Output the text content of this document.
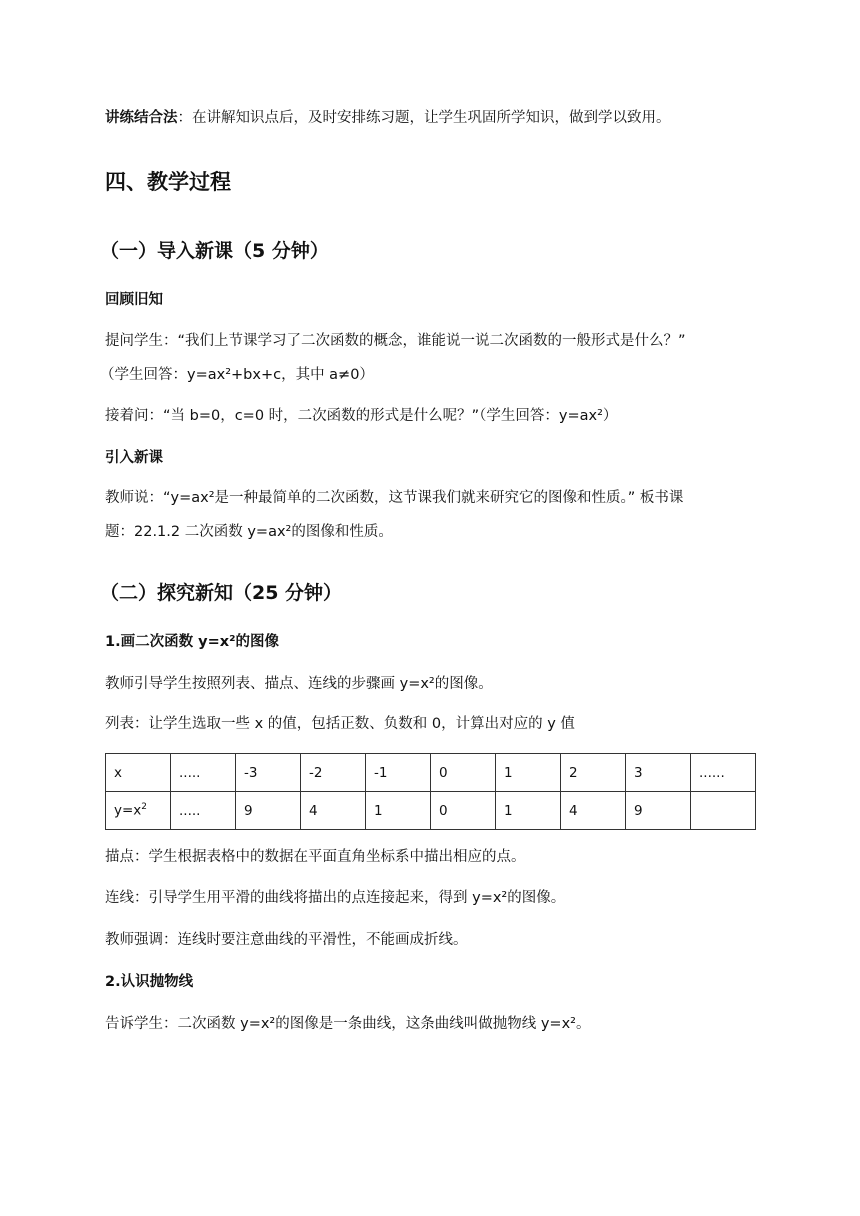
讲练结合法：在讲解知识点后，及时安排练习题，让学生巩固所学知识，做到学以致用。
四、教学过程
（一）导入新课（5 分钟）
回顾旧知
提问学生：“我们上节课学习了二次函数的概念，谁能说一说二次函数的一般形式是什么？”
（学生回答：y=ax²+bx+c，其中 a≠0）
接着问：“当 b=0，c=0 时，二次函数的形式是什么呢？”（学生回答：y=ax²）
引入新课
教师说：“y=ax²是一种最简单的二次函数，这节课我们就来研究它的图像和性质。” 板书课
题：22.1.2 二次函数 y=ax²的图像和性质。
（二）探究新知（25 分钟）
1.画二次函数 y=x²的图像
教师引导学生按照列表、描点、连线的步骤画 y=x²的图像。
列表：让学生选取一些 x 的值，包括正数、负数和 0，计算出对应的 y 值
x	.....	-3	-2	-1	0	1	2	3	......
$y=x^2$	.....	9	4	1	0	1	4	9	
描点：学生根据表格中的数据在平面直角坐标系中描出相应的点。
连线：引导学生用平滑的曲线将描出的点连接起来，得到 y=x²的图像。
教师强调：连线时要注意曲线的平滑性，不能画成折线。
2.认识抛物线
告诉学生：二次函数 y=x²的图像是一条曲线，这条曲线叫做抛物线 y=x²。
